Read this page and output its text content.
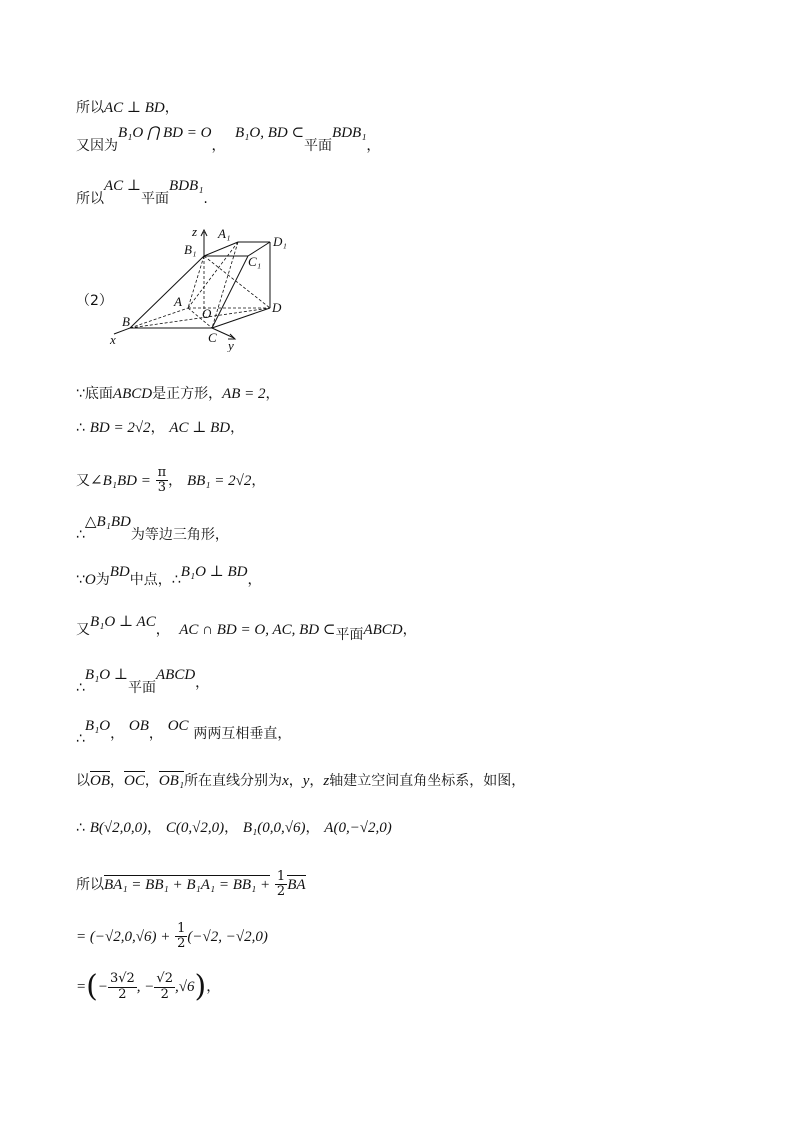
所以AC ⊥ BD，
又因为B₁O ⋂ BD = O，  B₁O, BD ⊂平面BDB₁，
所以AC ⊥平面BDB₁.
（2）
z A₁
D₁
B₁
C₁
A
O	D
B
x	C
y
∵底面ABCD是正方形，AB = 2，
∴ BD = 2√2， AC ⊥ BD，
又∠B₁BD = $\frac{\pi}{3}$ ， BB₁ = 2√2，
∴△B₁BD为等边三角形，
∵O为BD中点，∴B₁O ⊥ BD，
又B₁O ⊥ AC， AC ∩ BD = O, AC, BD ⊂平面ABCD，
∴B₁O ⊥平面ABCD，
∴B₁O， OB， OC 两两互相垂直，
以OB，OC，OB₁所在直线分别为x，y，z轴建立空间直角坐标系，如图，
∴ B(√2,0,0)， C(0,√2,0)， B₁(0,0,√6)， A(0,−√2,0)
所以$BA_1 = BB_1 + B_1A_1 = BB_1 + \frac{1}{2}$ BA
= $(-√2,0,√6) + \frac{1}{2} (-√2$, −√2,0)
=(− $\frac{3√2}{2}$ , − $\frac{√2}{2} ,√6$)，
